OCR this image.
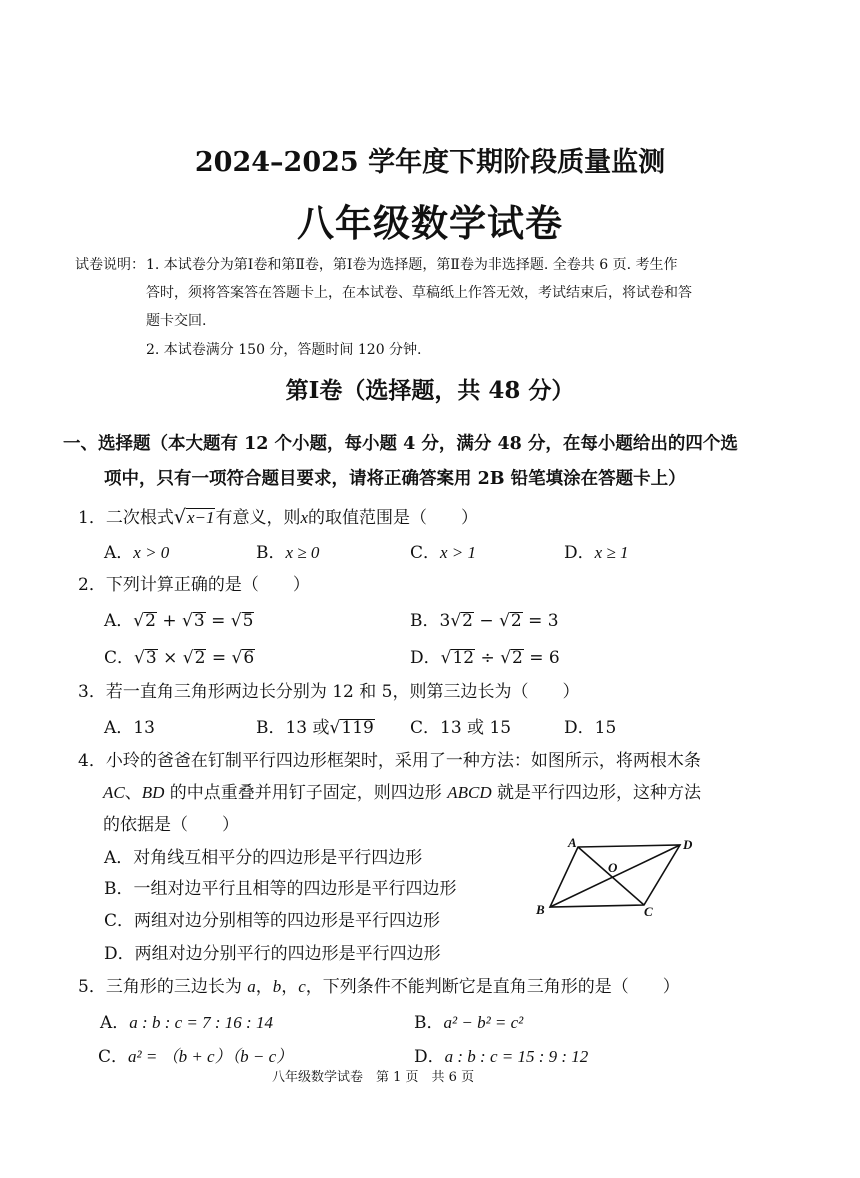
2024–2025 学年度下期阶段质量监测
八年级数学试卷
试卷说明： 1. 本试卷分为第Ⅰ卷和第Ⅱ卷，第Ⅰ卷为选择题，第Ⅱ卷为非选择题. 全卷共 6 页. 考生作
答时，须将答案答在答题卡上，在本试卷、草稿纸上作答无效，考试结束后，将试卷和答
题卡交回.
2. 本试卷满分 150 分，答题时间 120 分钟.
第Ⅰ卷（选择题，共 48 分）
一、选择题（本大题有 12 个小题，每小题 4 分，满分 48 分，在每小题给出的四个选
项中，只有一项符合题目要求，请将正确答案用 2B 铅笔填涂在答题卡上）
1．二次根式√x−1有意义，则x的取值范围是（　　）
A．x > 0	B．x ≥ 0	C．x > 1	D．x ≥ 1
2．下列计算正确的是（　　）
A．√2 + √3 = √5	B．3√2 − √2 = 3
C．√3 × √2 = √6	D．√12 ÷ √2 = 6
3．若一直角三角形两边长分别为 12 和 5，则第三边长为（　　）
A．13	B．13 或√119 C．13 或 15	D．15
4．小玲的爸爸在钉制平行四边形框架时，采用了一种方法：如图所示，将两根木条
AC、BD 的中点重叠并用钉子固定，则四边形 ABCD 就是平行四边形，这种方法
的依据是（　　）
A．对角线互相平分的四边形是平行四边形
B．一组对边平行且相等的四边形是平行四边形
C．两组对边分别相等的四边形是平行四边形
D．两组对边分别平行的四边形是平行四边形
A	D
B	C
O
5．三角形的三边长为 a，b，c，下列条件不能判断它是直角三角形的是（　　）
A．a : b : c = 7 : 16 : 14	B．a² − b² = c²
C．a² = （b + c）（b − c）	D．a : b : c = 15 : 9 : 12
八年级数学试卷　第 1 页　共 6 页
